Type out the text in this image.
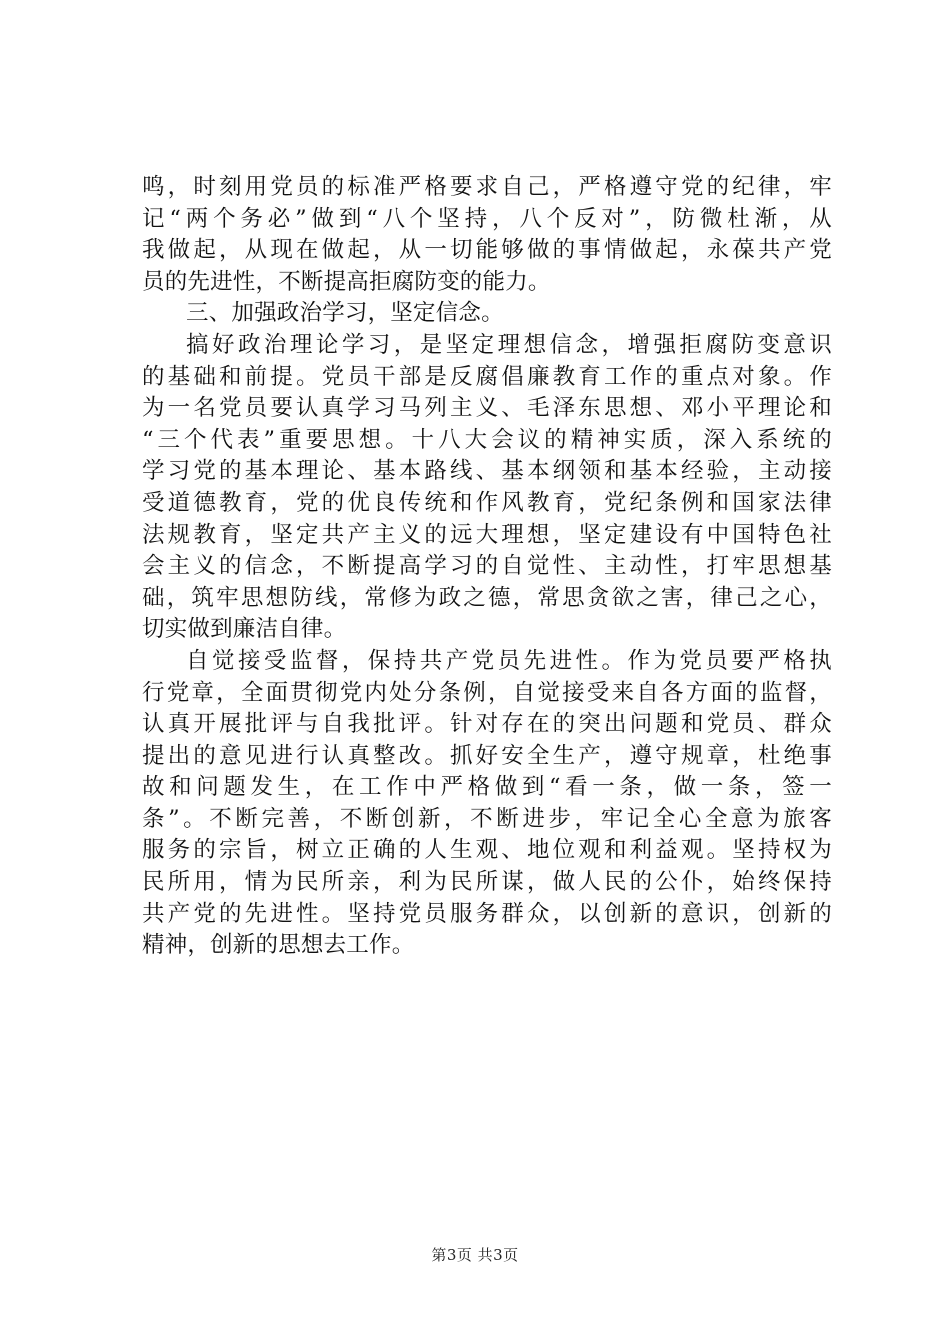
鸣，时刻用党员的标准严格要求自己，严格遵守党的纪律，牢
记“两个务必”做到“八个坚持，八个反对”，防微杜渐，从
我做起，从现在做起，从一切能够做的事情做起，永葆共产党
员的先进性，不断提高拒腐防变的能力。
三、加强政治学习，坚定信念。
搞好政治理论学习，是坚定理想信念，增强拒腐防变意识
的基础和前提。党员干部是反腐倡廉教育工作的重点对象。作
为一名党员要认真学习马列主义、毛泽东思想、邓小平理论和
“三个代表”重要思想。十八大会议的精神实质，深入系统的
学习党的基本理论、基本路线、基本纲领和基本经验，主动接
受道德教育，党的优良传统和作风教育，党纪条例和国家法律
法规教育，坚定共产主义的远大理想，坚定建设有中国特色社
会主义的信念，不断提高学习的自觉性、主动性，打牢思想基
础，筑牢思想防线，常修为政之德，常思贪欲之害，律己之心，
切实做到廉洁自律。
自觉接受监督，保持共产党员先进性。作为党员要严格执
行党章，全面贯彻党内处分条例，自觉接受来自各方面的监督，
认真开展批评与自我批评。针对存在的突出问题和党员、群众
提出的意见进行认真整改。抓好安全生产，遵守规章，杜绝事
故和问题发生，在工作中严格做到“看一条，做一条，签一
条”。不断完善，不断创新，不断进步，牢记全心全意为旅客
服务的宗旨，树立正确的人生观、地位观和利益观。坚持权为
民所用，情为民所亲，利为民所谋，做人民的公仆，始终保持
共产党的先进性。坚持党员服务群众，以创新的意识，创新的
精神，创新的思想去工作。
第3页 共3页
